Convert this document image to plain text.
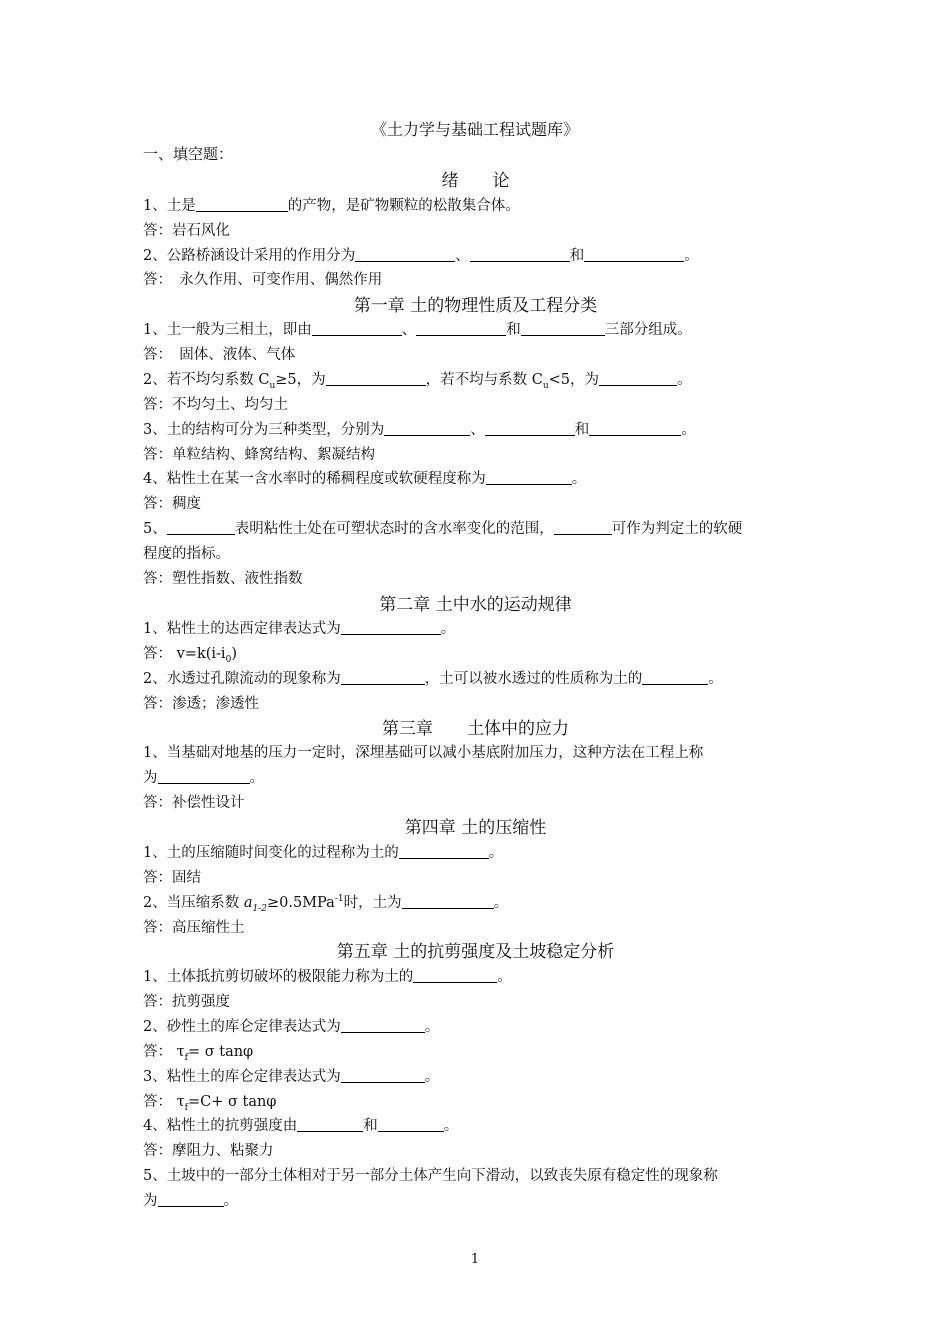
《土力学与基础工程试题库》
一、填空题：
绪　　论
1、土是	的产物，是矿物颗粒的松散集合体。
答：岩石风化
2、公路桥涵设计采用的作用分为	、	和	。
答：　永久作用、可变作用、偶然作用
第一章 土的物理性质及工程分类
1、土一般为三相土，即由	、	和	三部分组成。
答：　固体、液体、气体
2、若不均匀系数 $C_u\ge 5$，为	，若不均与系数 $C_u<5$，为	。
答：不均匀土、均匀土
3、土的结构可分为三种类型，分别为	、	和	。
答：单粒结构、蜂窝结构、絮凝结构
4、粘性土在某一含水率时的稀稠程度或软硬程度称为	。
答：稠度
5、	表明粘性土处在可塑状态时的含水率变化的范围，	可作为判定土的软硬
程度的指标。
答：塑性指数、液性指数
第二章 土中水的运动规律
1、粘性土的达西定律表达式为	。
答： $v=k(i-i_0)$
2、水透过孔隙流动的现象称为	，土可以被水透过的性质称为土的	。
答：渗透；渗透性
第三章　　土体中的应力
1、当基础对地基的压力一定时，深埋基础可以减小基底附加压力，这种方法在工程上称
为	。
答：补偿性设计
第四章 土的压缩性
1、土的压缩随时间变化的过程称为土的	。
答：固结
2、当压缩系数 $a_{1-2}\ge 0.5MPa^{-1}$时，土为	。
答：高压缩性土
第五章 土的抗剪强度及土坡稳定分析
1、土体抵抗剪切破坏的极限能力称为土的	。
答：抗剪强度
2、砂性土的库仑定律表达式为	。
答： $\tau_f= \sigma$ tanφ
3、粘性土的库仑定律表达式为	。
答： $\tau_f=C+ \sigma$ tanφ
4、粘性土的抗剪强度由	和	。
答：摩阻力、粘聚力
5、土坡中的一部分土体相对于另一部分土体产生向下滑动，以致丧失原有稳定性的现象称
为	。
1
